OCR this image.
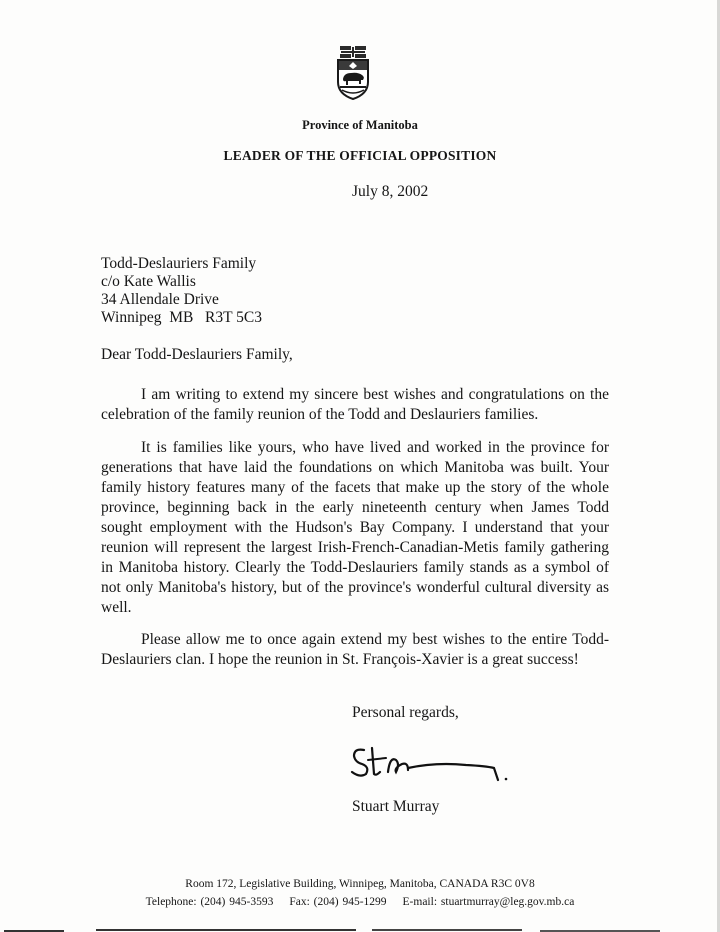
Province of Manitoba
LEADER OF THE OFFICIAL OPPOSITION
July 8, 2002
Todd-Deslauriers Family
c/o Kate Wallis
34 Allendale Drive
Winnipeg  MB   R3T 5C3
Dear Todd-Deslauriers Family,

I am writing to extend my sincere best wishes and congratulations on the celebration of the family reunion of the Todd and Deslauriers families.

It is families like yours, who have lived and worked in the province for generations that have laid the foundations on which Manitoba was built. Your family history features many of the facets that make up the story of the whole province, beginning back in the early nineteenth century when James Todd sought employment with the Hudson's Bay Company. I understand that your reunion will represent the largest Irish-French-Canadian-Metis family gathering in Manitoba history. Clearly the Todd-Deslauriers family stands as a symbol of not only Manitoba's history, but of the province's wonderful cultural diversity as well.

Please allow me to once again extend my best wishes to the entire Todd-Deslauriers clan. I hope the reunion in St. François-Xavier is a great success!

Personal regards,
Stuart Murray
Room 172, Legislative Building, Winnipeg, Manitoba, CANADA R3C 0V8
Telephone: (204) 945-3593 Fax: (204) 945-1299 E-mail: stuartmurray@leg.gov.mb.ca
